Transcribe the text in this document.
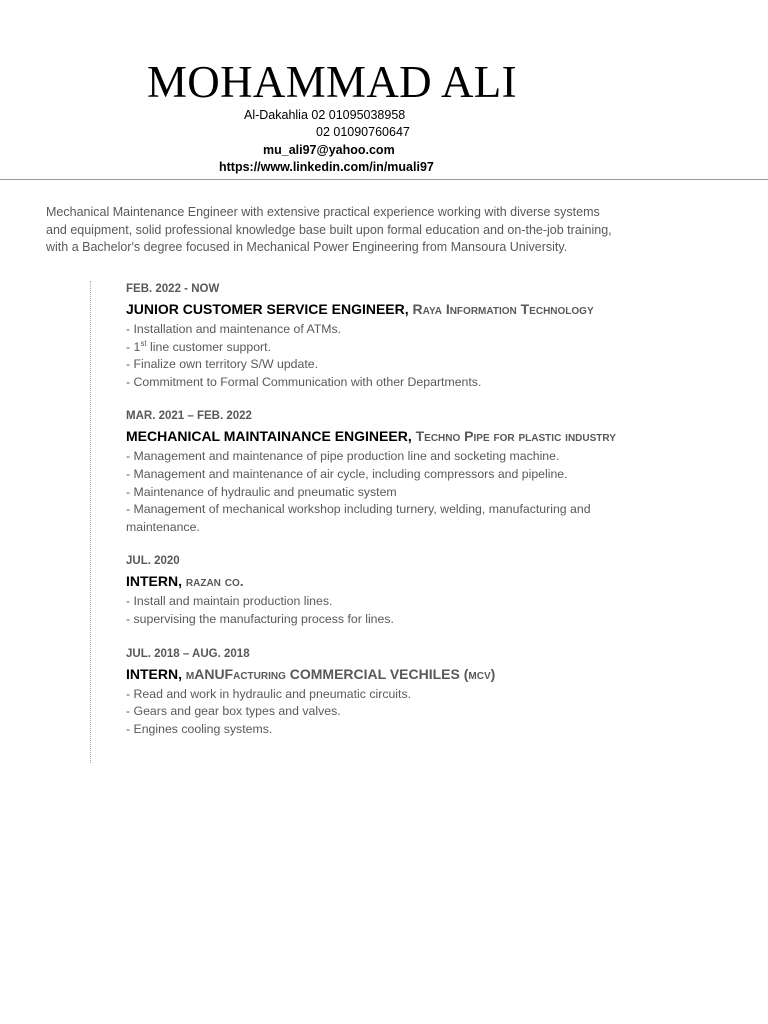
MOHAMMAD ALI
Al-Dakahlia 02 01095038958
02 01090760647
mu_ali97@yahoo.com
https://www.linkedin.com/in/muali97

Mechanical Maintenance Engineer with extensive practical experience working with diverse systems and equipment, solid professional knowledge base built upon formal education and on-the-job training, with a Bachelor's degree focused in Mechanical Power Engineering from Mansoura University.

FEB. 2022 - NOW
JUNIOR CUSTOMER SERVICE ENGINEER, Raya Information Technology
- Installation and maintenance of ATMs.
- 1st line customer support.
- Finalize own territory S/W update.
- Commitment to Formal Communication with other Departments.
MAR. 2021 – FEB. 2022
MECHANICAL MAINTAINANCE ENGINEER, Techno Pipe for plastic industry
- Management and maintenance of pipe production line and socketing machine.
- Management and maintenance of air cycle, including compressors and pipeline.
- Maintenance of hydraulic and pneumatic system
- Management of mechanical workshop including turnery, welding, manufacturing and maintenance.
JUL. 2020
INTERN, razan co.
- Install and maintain production lines.
- supervising the manufacturing process for lines.
JUL. 2018 – AUG. 2018
INTERN, mANUFacturing COMMERCIAL VECHILES (mcv)
- Read and work in hydraulic and pneumatic circuits.
- Gears and gear box types and valves.
- Engines cooling systems.
